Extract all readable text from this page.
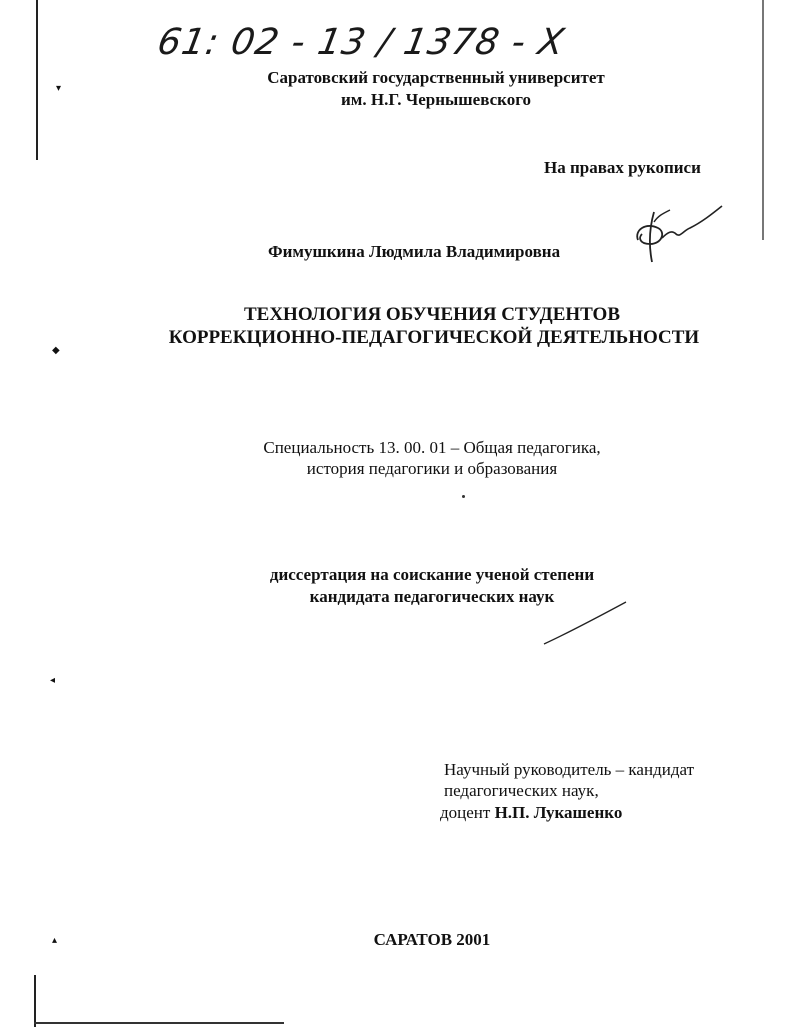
▾
◆
◂
▴
61: 02 - 13 / 1378 - X
Саратовский государственный университет
им. Н.Г. Чернышевского
На правах рукописи
Фимушкина Людмила Владимировна
ТЕХНОЛОГИЯ ОБУЧЕНИЯ СТУДЕНТОВ
КОРРЕКЦИОННО-ПЕДАГОГИЧЕСКОЙ ДЕЯТЕЛЬНОСТИ
Специальность 13. 00. 01 – Общая педагогика,
история педагогики и образования
диссертация на соискание ученой степени
кандидата педагогических наук
Научный руководитель – кандидат
педагогических наук,
доцент Н.П. Лукашенко
САРАТОВ 2001
